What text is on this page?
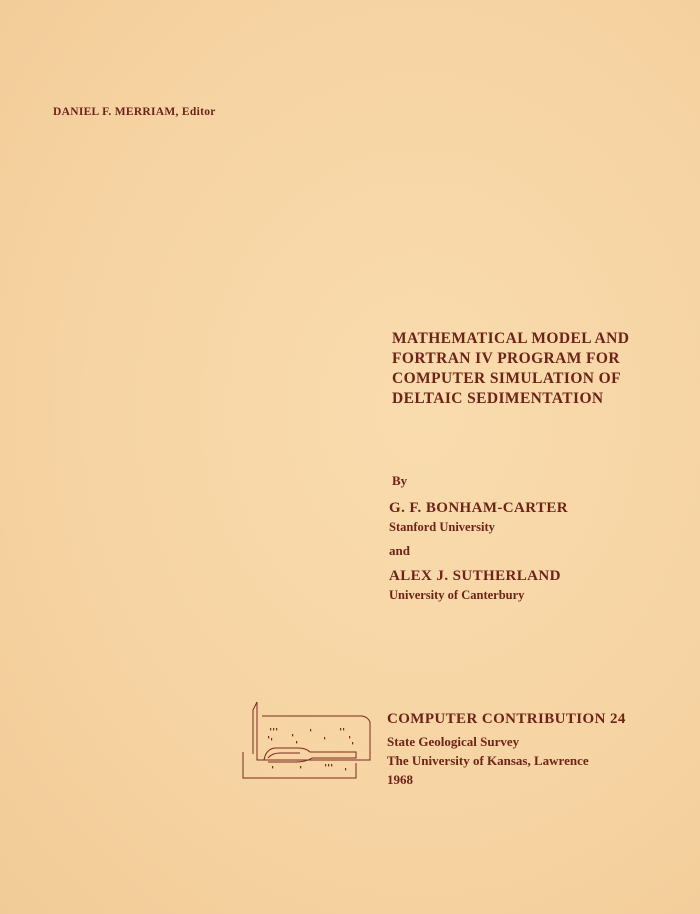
DANIEL F. MERRIAM, Editor
MATHEMATICAL MODEL AND
FORTRAN IV PROGRAM FOR
COMPUTER SIMULATION OF
DELTAIC SEDIMENTATION
By
G. F. BONHAM-CARTER
Stanford University
and
ALEX J. SUTHERLAND
University of Canterbury
COMPUTER CONTRIBUTION 24
State Geological Survey
The University of Kansas, Lawrence
1968
